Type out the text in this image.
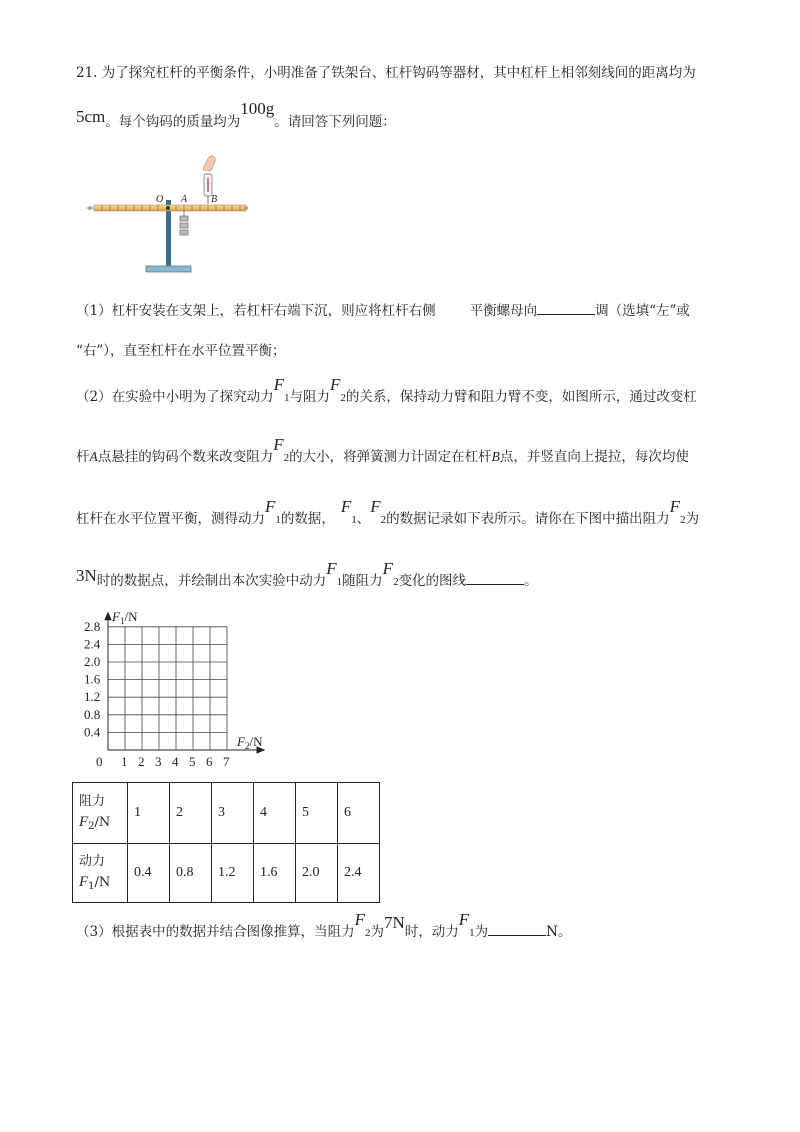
21. 为了探究杠杆的平衡条件，小明准备了铁架台、杠杆钩码等器材，其中杠杆上相邻刻线间的距离均为
5cm。每个钩码的质量均为100g。请回答下列问题：
O A B
（1）杠杆安装在支架上，若杠杆右端下沉，则应将杠杆右侧	平衡螺母向	调（选填“左”或
“右”），直至杠杆在水平位置平衡；
（2）在实验中小明为了探究动力$F_1$与阻力$F_2$的关系，保持动力臂和阻力臂不变，如图所示，通过改变杠
杆A点悬挂的钩码个数来改变阻力$F_2$的大小，将弹簧测力计固定在杠杆B点，并竖直向上提拉，每次均使
杠杆在水平位置平衡，测得动力$F_1$的数据，$F_1$、$F_2$的数据记录如下表所示。请你在下图中描出阻力$F_2$为
3N时的数据点，并绘制出本次实验中动力$F_1$随阻力$F_2$变化的图线	。
0 1 2 3 4 5 6 7
0.4
0.8
1.2
1.6
2.0
2.4
2.8
$F_1/N$
$F_2/N$
阻力
$F_2/N$	1	2	3	4	5	6
动力
$F_1/N$	0.4	0.8	1.2	1.6	2.0	2.4
（3）根据表中的数据并结合图像推算，当阻力$F_2$为7N时，动力$F_1$为	N。
